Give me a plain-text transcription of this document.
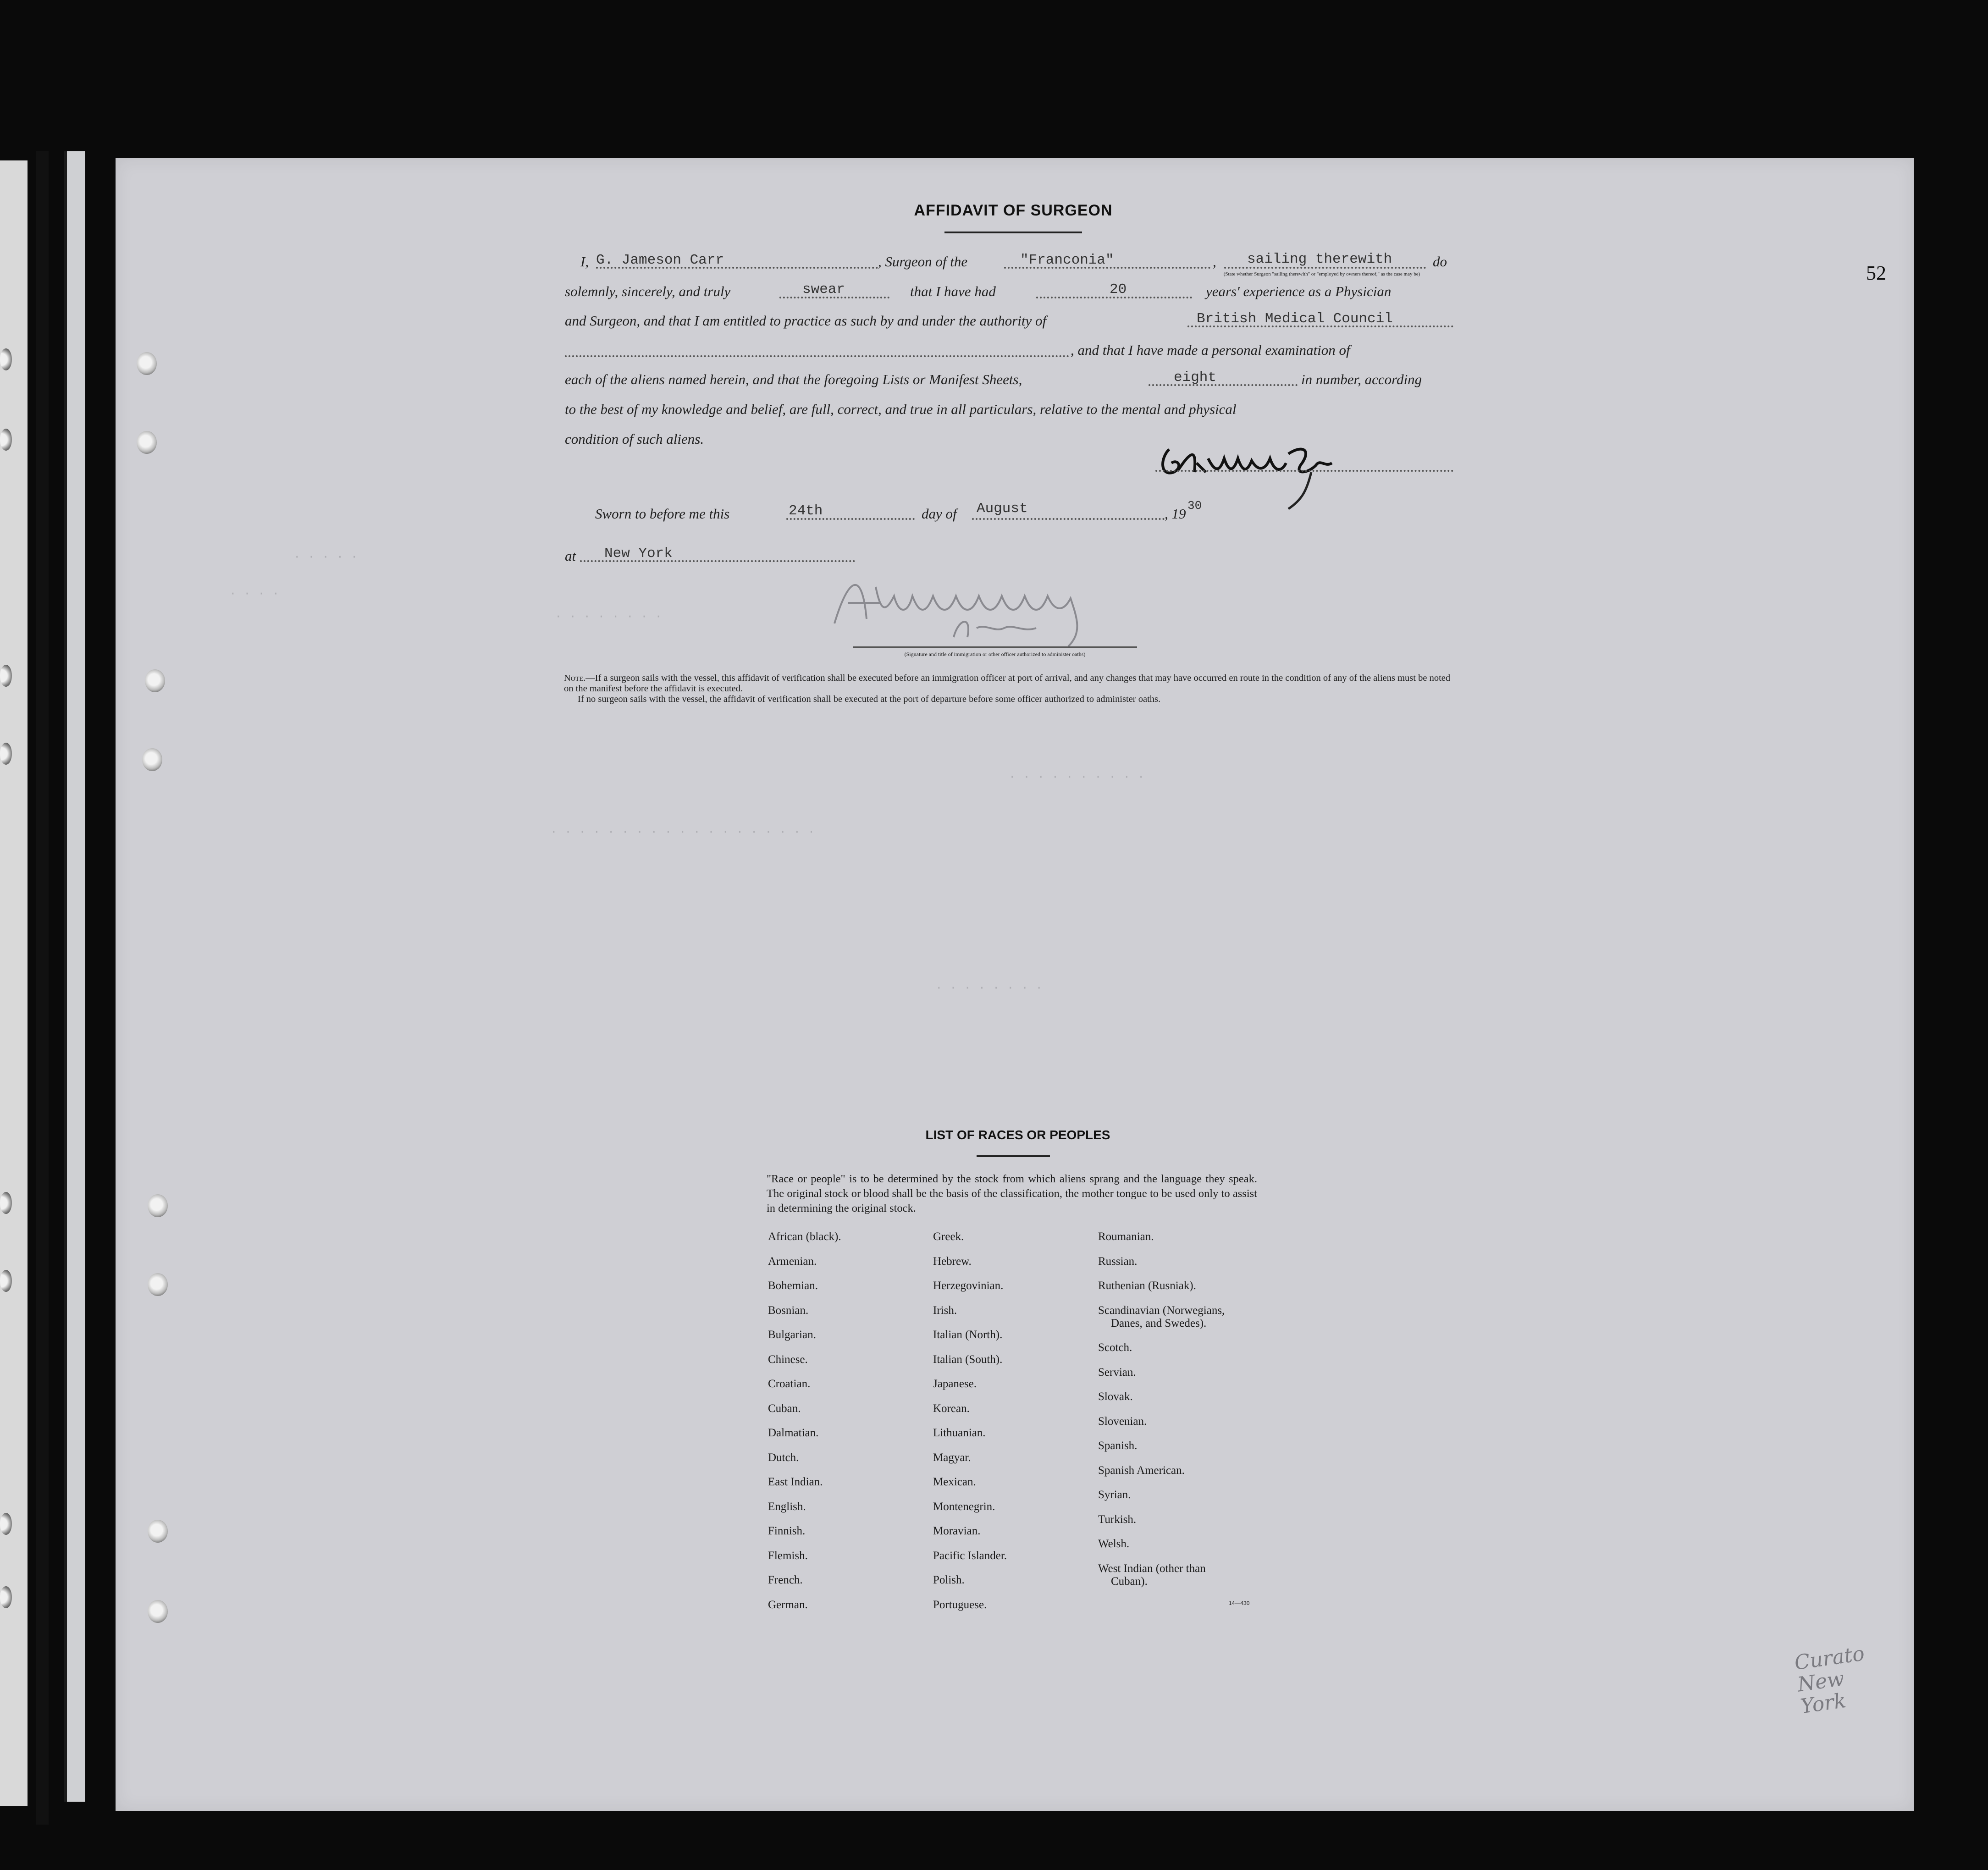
· · · · ·
· · · ·
· · · · · · · ·
· · · · · · · · · ·
· · · · · · · · · · · · · · · · · · ·
· · · · · · · ·
52
AFFIDAVIT OF SURGEON
I, G. Jameson Carr	, Surgeon of the	"Franconia"	, sailing therewith
(State whether Surgeon "sailing therewith" or "employed by owners thereof," as the case may be)
do
solemnly, sincerely, and truly	swear	that I have had	20	years' experience as a Physician
and Surgeon, and that I am entitled to practice as such by and under the authority of	British Medical Council
, and that I have made a personal examination of
each of the aliens named herein, and that the foregoing Lists or Manifest Sheets,	eight	in number, according
to the best of my knowledge and belief, are full, correct, and true in all particulars, relative to the mental and physical
condition of such aliens.
Sworn to before me this	24th	day of August	, 19 30
at New York
(Signature and title of immigration or other officer authorized to administer oaths)
Note.—If a surgeon sails with the vessel, this affidavit of verification shall be executed before an immigration officer at port of arrival, and any changes that may have occurred en route in the condition of any of the aliens must be noted on the manifest before the affidavit is executed.
If no surgeon sails with the vessel, the affidavit of verification shall be executed at the port of departure before some officer authorized to administer oaths.
LIST OF RACES OR PEOPLES
"Race or people" is to be determined by the stock from which aliens sprang and the language they speak. The original stock or blood shall be the basis of the classification, the mother tongue to be used only to assist in determining the original stock.
African (black).
Armenian.
Bohemian.
Bosnian.
Bulgarian.
Chinese.
Croatian.
Cuban.
Dalmatian.
Dutch.
East Indian.
English.
Finnish.
Flemish.
French.
German.
Greek.
Hebrew.
Herzegovinian.
Irish.
Italian (North).
Italian (South).
Japanese.
Korean.
Lithuanian.
Magyar.
Mexican.
Montenegrin.
Moravian.
Pacific Islander.
Polish.
Portuguese.
Roumanian.
Russian.
Ruthenian (Rusniak).
Scandinavian (Norwegians,
Danes, and Swedes).
Scotch.
Servian.
Slovak.
Slovenian.
Spanish.
Spanish American.
Syrian.
Turkish.
Welsh.
West Indian (other than
Cuban).
14—430
Curato New York
